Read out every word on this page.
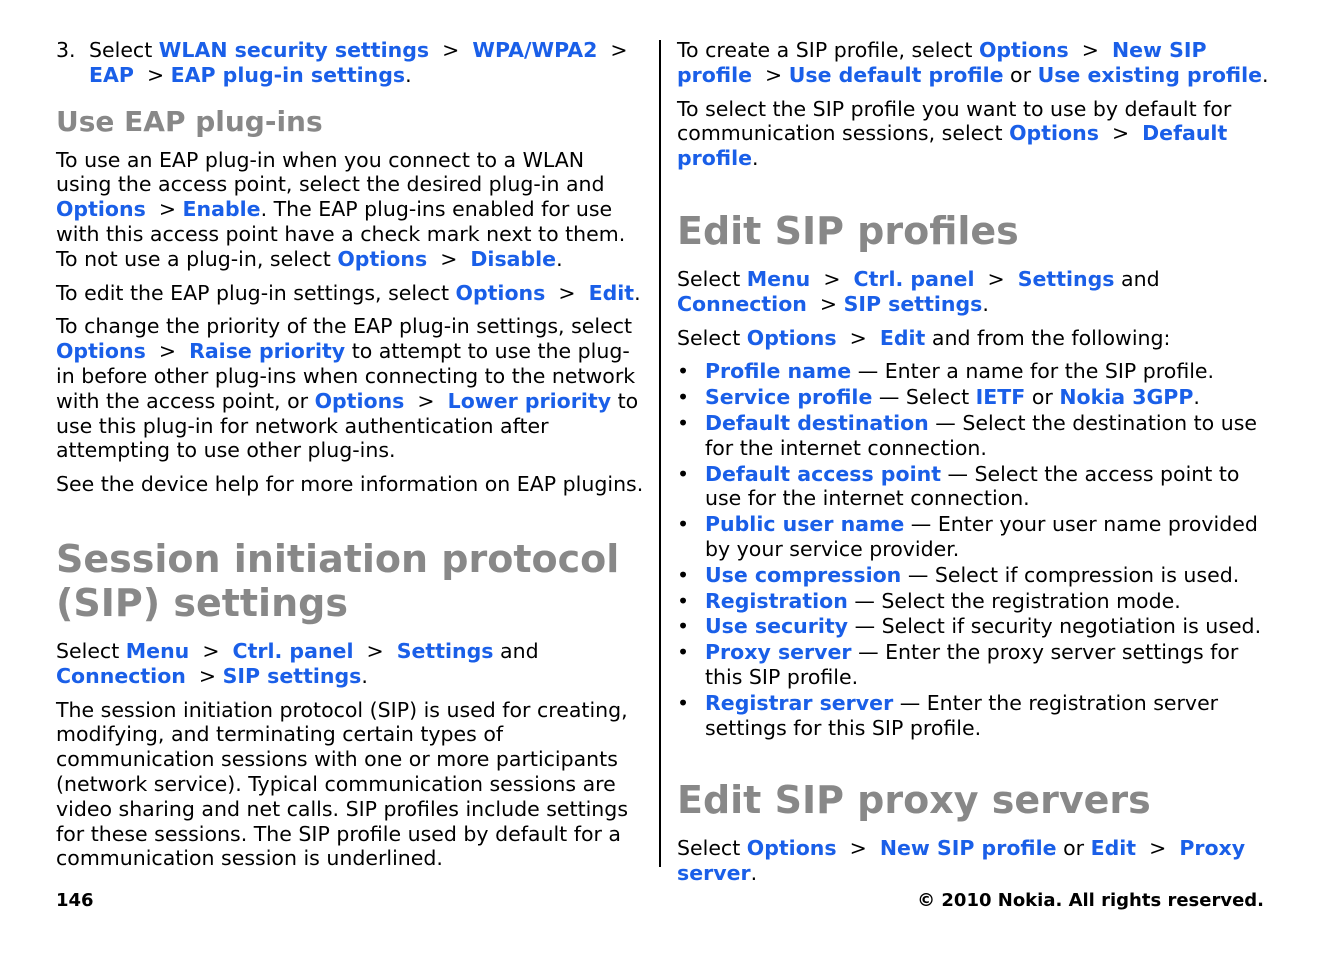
3. Select WLAN security settings  >  WPA/WPA2  >  EAP  > EAP plug-in settings.
Use EAP plug-ins

To use an EAP plug-in when you connect to a WLAN using the access point, select the desired plug-in and Options  > Enable. The EAP plug-ins enabled for use with this access point have a check mark next to them. To not use a plug-in, select Options  >  Disable.

To edit the EAP plug-in settings, select Options  >  Edit.

To change the priority of the EAP plug-in settings, select Options  >  Raise priority to attempt to use the plug-in before other plug-ins when connecting to the network with the access point, or Options  >  Lower priority to use this plug-in for network authentication after attempting to use other plug-ins.

See the device help for more information on EAP plugins.

Session initiation protocol (SIP) settings

Select Menu  >  Ctrl. panel  >  Settings and Connection  > SIP settings.

The session initiation protocol (SIP) is used for creating, modifying, and terminating certain types of communication sessions with one or more participants (network service). Typical communication sessions are video sharing and net calls. SIP profiles include settings for these sessions. The SIP profile used by default for a communication session is underlined.

To create a SIP profile, select Options  >  New SIP profile  > Use default profile or Use existing profile.

To select the SIP profile you want to use by default for communication sessions, select Options  >  Default profile.

Edit SIP profiles

Select Menu  >  Ctrl. panel  >  Settings and Connection  > SIP settings.

Select Options  >  Edit and from the following:

• Profile name — Enter a name for the SIP profile.
• Service profile — Select IETF or Nokia 3GPP.
• Default destination — Select the destination to use for the internet connection.
• Default access point — Select the access point to use for the internet connection.
• Public user name — Enter your user name provided by your service provider.
• Use compression — Select if compression is used.
• Registration — Select the registration mode.
• Use security — Select if security negotiation is used.
• Proxy server — Enter the proxy server settings for this SIP profile.
• Registrar server — Enter the registration server settings for this SIP profile.
Edit SIP proxy servers

Select Options  >  New SIP profile or Edit  >  Proxy server.

146	© 2010 Nokia. All rights reserved.
